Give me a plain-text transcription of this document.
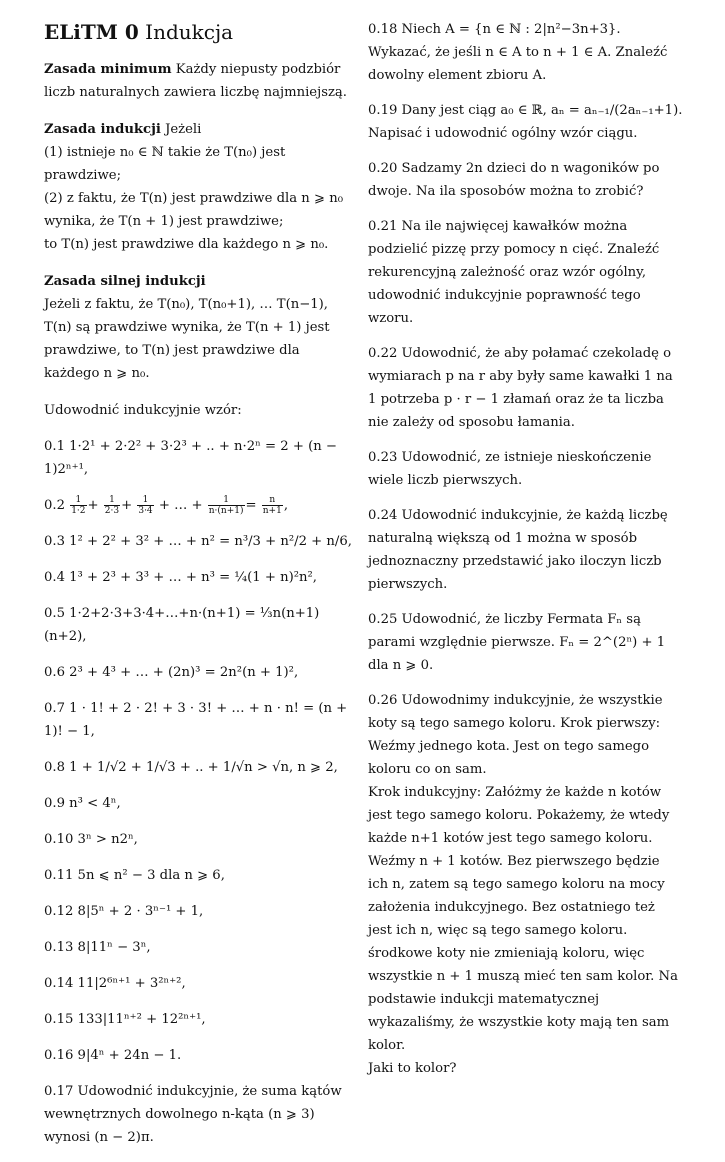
ELiTM 0 Indukcja
Zasada minimum Każdy niepusty podzbiór liczb naturalnych zawiera liczbę najmniejszą.
Zasada indukcji Jeżeli

(1) istnieje n₀ ∈ ℕ takie że T(n₀) jest prawdziwe;

(2) z faktu, że T(n) jest prawdziwe dla n ⩾ n₀ wynika, że T(n + 1) jest prawdziwe;

to T(n) jest prawdziwe dla każdego n ⩾ n₀.

Zasada silnej indukcji

Jeżeli z faktu, że T(n₀), T(n₀+1), … T(n−1), T(n) są prawdziwe wynika, że T(n + 1) jest prawdziwe, to T(n) jest prawdziwe dla każdego n ⩾ n₀.

Udowodnić indukcyjnie wzór:

0.1 1·2¹ + 2·2² + 3·2³ + .. + n·2ⁿ = 2 + (n − 1)2ⁿ⁺¹,

$0.2 \frac{1}{1\cdot 2} + \frac{1}{2\cdot 3} + \frac{1}{3\cdot 4}$ + … + $\frac{1}{n\cdot(n+1)} = \frac{n}{n+1}$ ,

0.3 1² + 2² + 3² + … + n² = n³/3 + n²/2 + n/6,

0.4 1³ + 2³ + 3³ + … + n³ = ¼(1 + n)²n²,

0.5 1·2+2·3+3·4+…+n·(n+1) = ⅓n(n+1)(n+2),

0.6 2³ + 4³ + … + (2n)³ = 2n²(n + 1)²,

0.7 1 · 1! + 2 · 2! + 3 · 3! + … + n · n! = (n + 1)! − 1,

0.8 1 + 1/√2 + 1/√3 + .. + 1/√n > √n, n ⩾ 2,

0.9 n³ < 4ⁿ,

0.10 3ⁿ > n2ⁿ,

0.11 5n ⩽ n² − 3 dla n ⩾ 6,

0.12 8|5ⁿ + 2 · 3ⁿ⁻¹ + 1,

0.13 8|11ⁿ − 3ⁿ,

0.14 11|2⁶ⁿ⁺¹ + 3²ⁿ⁺²,

0.15 133|11ⁿ⁺² + 12²ⁿ⁺¹,

0.16 9|4ⁿ + 24n − 1.

0.17 Udowodnić indukcyjnie, że suma kątów wewnętrznych dowolnego n-kąta (n ⩾ 3) wynosi (n − 2)π.

0.18 Niech A = {n ∈ ℕ : 2|n²−3n+3}. Wykazać, że jeśli n ∈ A to n + 1 ∈ A. Znaleźć dowolny element zbioru A.

0.19 Dany jest ciąg a₀ ∈ ℝ, aₙ = aₙ₋₁/(2aₙ₋₁+1). Napisać i udowodnić ogólny wzór ciągu.

0.20 Sadzamy 2n dzieci do n wagoników po dwoje. Na ila sposobów można to zrobić?

0.21 Na ile najwięcej kawałków można podzielić pizzę przy pomocy n cięć. Znaleźć rekurencyjną zależność oraz wzór ogólny, udowodnić indukcyjnie poprawność tego wzoru.

0.22 Udowodnić, że aby połamać czekoladę o wymiarach p na r aby były same kawałki 1 na 1 potrzeba p · r − 1 złamań oraz że ta liczba nie zależy od sposobu łamania.

0.23 Udowodnić, ze istnieje nieskończenie wiele liczb pierwszych.

0.24 Udowodnić indukcyjnie, że każdą liczbę naturalną większą od 1 można w sposób jednoznaczny przedstawić jako iloczyn liczb pierwszych.

0.25 Udowodnić, że liczby Fermata Fₙ są parami względnie pierwsze. Fₙ = 2^(2ⁿ) + 1 dla n ⩾ 0.

0.26 Udowodnimy indukcyjnie, że wszystkie koty są tego samego koloru. Krok pierwszy: Weźmy jednego kota. Jest on tego samego koloru co on sam.

Krok indukcyjny: Załóżmy że każde n kotów jest tego samego koloru. Pokażemy, że wtedy każde n+1 kotów jest tego samego koloru.

Weźmy n + 1 kotów. Bez pierwszego będzie ich n, zatem są tego samego koloru na mocy założenia indukcyjnego. Bez ostatniego też jest ich n, więc są tego samego koloru. środkowe koty nie zmieniają koloru, więc wszystkie n + 1 muszą mieć ten sam kolor. Na podstawie indukcji matematycznej wykazaliśmy, że wszystkie koty mają ten sam kolor.

Jaki to kolor?
